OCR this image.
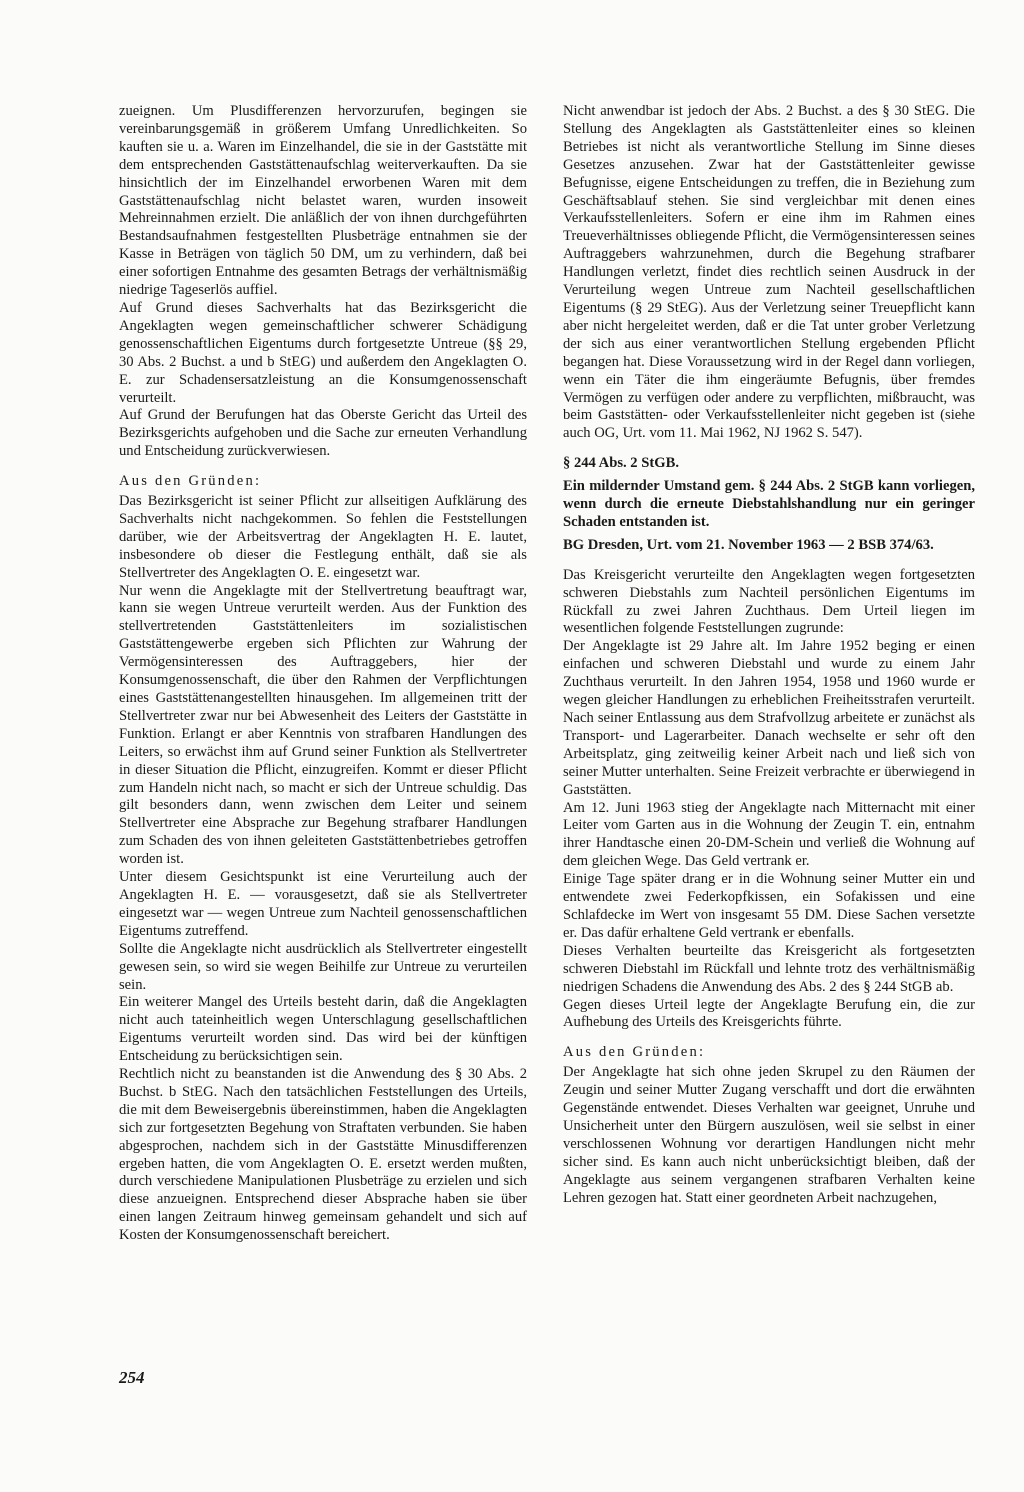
zueignen. Um Plusdifferenzen hervorzurufen, begingen sie vereinbarungsgemäß in größerem Umfang Unredlichkeiten. So kauften sie u. a. Waren im Einzelhandel, die sie in der Gaststätte mit dem entsprechenden Gaststättenaufschlag weiterverkauften. Da sie hinsichtlich der im Einzelhandel erworbenen Waren mit dem Gaststättenaufschlag nicht belastet waren, wurden insoweit Mehreinnahmen erzielt. Die anläßlich der von ihnen durchgeführten Bestandsaufnahmen festgestellten Plusbeträge entnahmen sie der Kasse in Beträgen von täglich 50 DM, um zu verhindern, daß bei einer sofortigen Entnahme des gesamten Betrags der verhältnismäßig niedrige Tageserlös auffiel.

Auf Grund dieses Sachverhalts hat das Bezirksgericht die Angeklagten wegen gemeinschaftlicher schwerer Schädigung genossenschaftlichen Eigentums durch fortgesetzte Untreue (§§ 29, 30 Abs. 2 Buchst. a und b StEG) und außerdem den Angeklagten O. E. zur Schadensersatzleistung an die Konsumgenossenschaft verurteilt.

Auf Grund der Berufungen hat das Oberste Gericht das Urteil des Bezirksgerichts aufgehoben und die Sache zur erneuten Verhandlung und Entscheidung zurückverwiesen.

Aus den Gründen:

Das Bezirksgericht ist seiner Pflicht zur allseitigen Aufklärung des Sachverhalts nicht nachgekommen. So fehlen die Feststellungen darüber, wie der Arbeitsvertrag der Angeklagten H. E. lautet, insbesondere ob dieser die Festlegung enthält, daß sie als Stellvertreter des Angeklagten O. E. eingesetzt war.

Nur wenn die Angeklagte mit der Stellvertretung beauftragt war, kann sie wegen Untreue verurteilt werden. Aus der Funktion des stellvertretenden Gaststättenleiters im sozialistischen Gaststättengewerbe ergeben sich Pflichten zur Wahrung der Vermögensinteressen des Auftraggebers, hier der Konsumgenossenschaft, die über den Rahmen der Verpflichtungen eines Gaststättenangestellten hinausgehen. Im allgemeinen tritt der Stellvertreter zwar nur bei Abwesenheit des Leiters der Gaststätte in Funktion. Erlangt er aber Kenntnis von strafbaren Handlungen des Leiters, so erwächst ihm auf Grund seiner Funktion als Stellvertreter in dieser Situation die Pflicht, einzugreifen. Kommt er dieser Pflicht zum Handeln nicht nach, so macht er sich der Untreue schuldig. Das gilt besonders dann, wenn zwischen dem Leiter und seinem Stellvertreter eine Absprache zur Begehung strafbarer Handlungen zum Schaden des von ihnen geleiteten Gaststättenbetriebes getroffen worden ist.

Unter diesem Gesichtspunkt ist eine Verurteilung auch der Angeklagten H. E. — vorausgesetzt, daß sie als Stellvertreter eingesetzt war — wegen Untreue zum Nachteil genossenschaftlichen Eigentums zutreffend.

Sollte die Angeklagte nicht ausdrücklich als Stellvertreter eingestellt gewesen sein, so wird sie wegen Beihilfe zur Untreue zu verurteilen sein.

Ein weiterer Mangel des Urteils besteht darin, daß die Angeklagten nicht auch tateinheitlich wegen Unterschlagung gesellschaftlichen Eigentums verurteilt worden sind. Das wird bei der künftigen Entscheidung zu berücksichtigen sein.

Rechtlich nicht zu beanstanden ist die Anwendung des § 30 Abs. 2 Buchst. b StEG. Nach den tatsächlichen Feststellungen des Urteils, die mit dem Beweisergebnis übereinstimmen, haben die Angeklagten sich zur fortgesetzten Begehung von Straftaten verbunden. Sie haben abgesprochen, nachdem sich in der Gaststätte Minusdifferenzen ergeben hatten, die vom Angeklagten O. E. ersetzt werden mußten, durch verschiedene Manipulationen Plusbeträge zu erzielen und sich diese anzueignen. Entsprechend dieser Absprache haben sie über einen langen Zeitraum hinweg gemeinsam gehandelt und sich auf Kosten der Konsumgenossenschaft bereichert.

Nicht anwendbar ist jedoch der Abs. 2 Buchst. a des § 30 StEG. Die Stellung des Angeklagten als Gaststättenleiter eines so kleinen Betriebes ist nicht als verantwortliche Stellung im Sinne dieses Gesetzes anzusehen. Zwar hat der Gaststättenleiter gewisse Befugnisse, eigene Entscheidungen zu treffen, die in Beziehung zum Geschäftsablauf stehen. Sie sind vergleichbar mit denen eines Verkaufsstellenleiters. Sofern er eine ihm im Rahmen eines Treueverhältnisses obliegende Pflicht, die Vermögensinteressen seines Auftraggebers wahrzunehmen, durch die Begehung strafbarer Handlungen verletzt, findet dies rechtlich seinen Ausdruck in der Verurteilung wegen Untreue zum Nachteil gesellschaftlichen Eigentums (§ 29 StEG). Aus der Verletzung seiner Treuepflicht kann aber nicht hergeleitet werden, daß er die Tat unter grober Verletzung der sich aus einer verantwortlichen Stellung ergebenden Pflicht begangen hat. Diese Voraussetzung wird in der Regel dann vorliegen, wenn ein Täter die ihm eingeräumte Befugnis, über fremdes Vermögen zu verfügen oder andere zu verpflichten, mißbraucht, was beim Gaststätten- oder Verkaufsstellenleiter nicht gegeben ist (siehe auch OG, Urt. vom 11. Mai 1962, NJ 1962 S. 547).

§ 244 Abs. 2 StGB.

Ein mildernder Umstand gem. § 244 Abs. 2 StGB kann vorliegen, wenn durch die erneute Diebstahlshandlung nur ein geringer Schaden entstanden ist.

BG Dresden, Urt. vom 21. November 1963 — 2 BSB 374/63.

Das Kreisgericht verurteilte den Angeklagten wegen fortgesetzten schweren Diebstahls zum Nachteil persönlichen Eigentums im Rückfall zu zwei Jahren Zuchthaus. Dem Urteil liegen im wesentlichen folgende Feststellungen zugrunde:

Der Angeklagte ist 29 Jahre alt. Im Jahre 1952 beging er einen einfachen und schweren Diebstahl und wurde zu einem Jahr Zuchthaus verurteilt. In den Jahren 1954, 1958 und 1960 wurde er wegen gleicher Handlungen zu erheblichen Freiheitsstrafen verurteilt. Nach seiner Entlassung aus dem Strafvollzug arbeitete er zunächst als Transport- und Lagerarbeiter. Danach wechselte er sehr oft den Arbeitsplatz, ging zeitweilig keiner Arbeit nach und ließ sich von seiner Mutter unterhalten. Seine Freizeit verbrachte er überwiegend in Gaststätten.

Am 12. Juni 1963 stieg der Angeklagte nach Mitternacht mit einer Leiter vom Garten aus in die Wohnung der Zeugin T. ein, entnahm ihrer Handtasche einen 20-DM-Schein und verließ die Wohnung auf dem gleichen Wege. Das Geld vertrank er.

Einige Tage später drang er in die Wohnung seiner Mutter ein und entwendete zwei Federkopfkissen, ein Sofakissen und eine Schlafdecke im Wert von insgesamt 55 DM. Diese Sachen versetzte er. Das dafür erhaltene Geld vertrank er ebenfalls.

Dieses Verhalten beurteilte das Kreisgericht als fortgesetzten schweren Diebstahl im Rückfall und lehnte trotz des verhältnismäßig niedrigen Schadens die Anwendung des Abs. 2 des § 244 StGB ab.

Gegen dieses Urteil legte der Angeklagte Berufung ein, die zur Aufhebung des Urteils des Kreisgerichts führte.

Aus den Gründen:

Der Angeklagte hat sich ohne jeden Skrupel zu den Räumen der Zeugin und seiner Mutter Zugang verschafft und dort die erwähnten Gegenstände entwendet. Dieses Verhalten war geeignet, Unruhe und Unsicherheit unter den Bürgern auszulösen, weil sie selbst in einer verschlossenen Wohnung vor derartigen Handlungen nicht mehr sicher sind. Es kann auch nicht unberücksichtigt bleiben, daß der Angeklagte aus seinem vergangenen strafbaren Verhalten keine Lehren gezogen hat. Statt einer geordneten Arbeit nachzugehen,

254
